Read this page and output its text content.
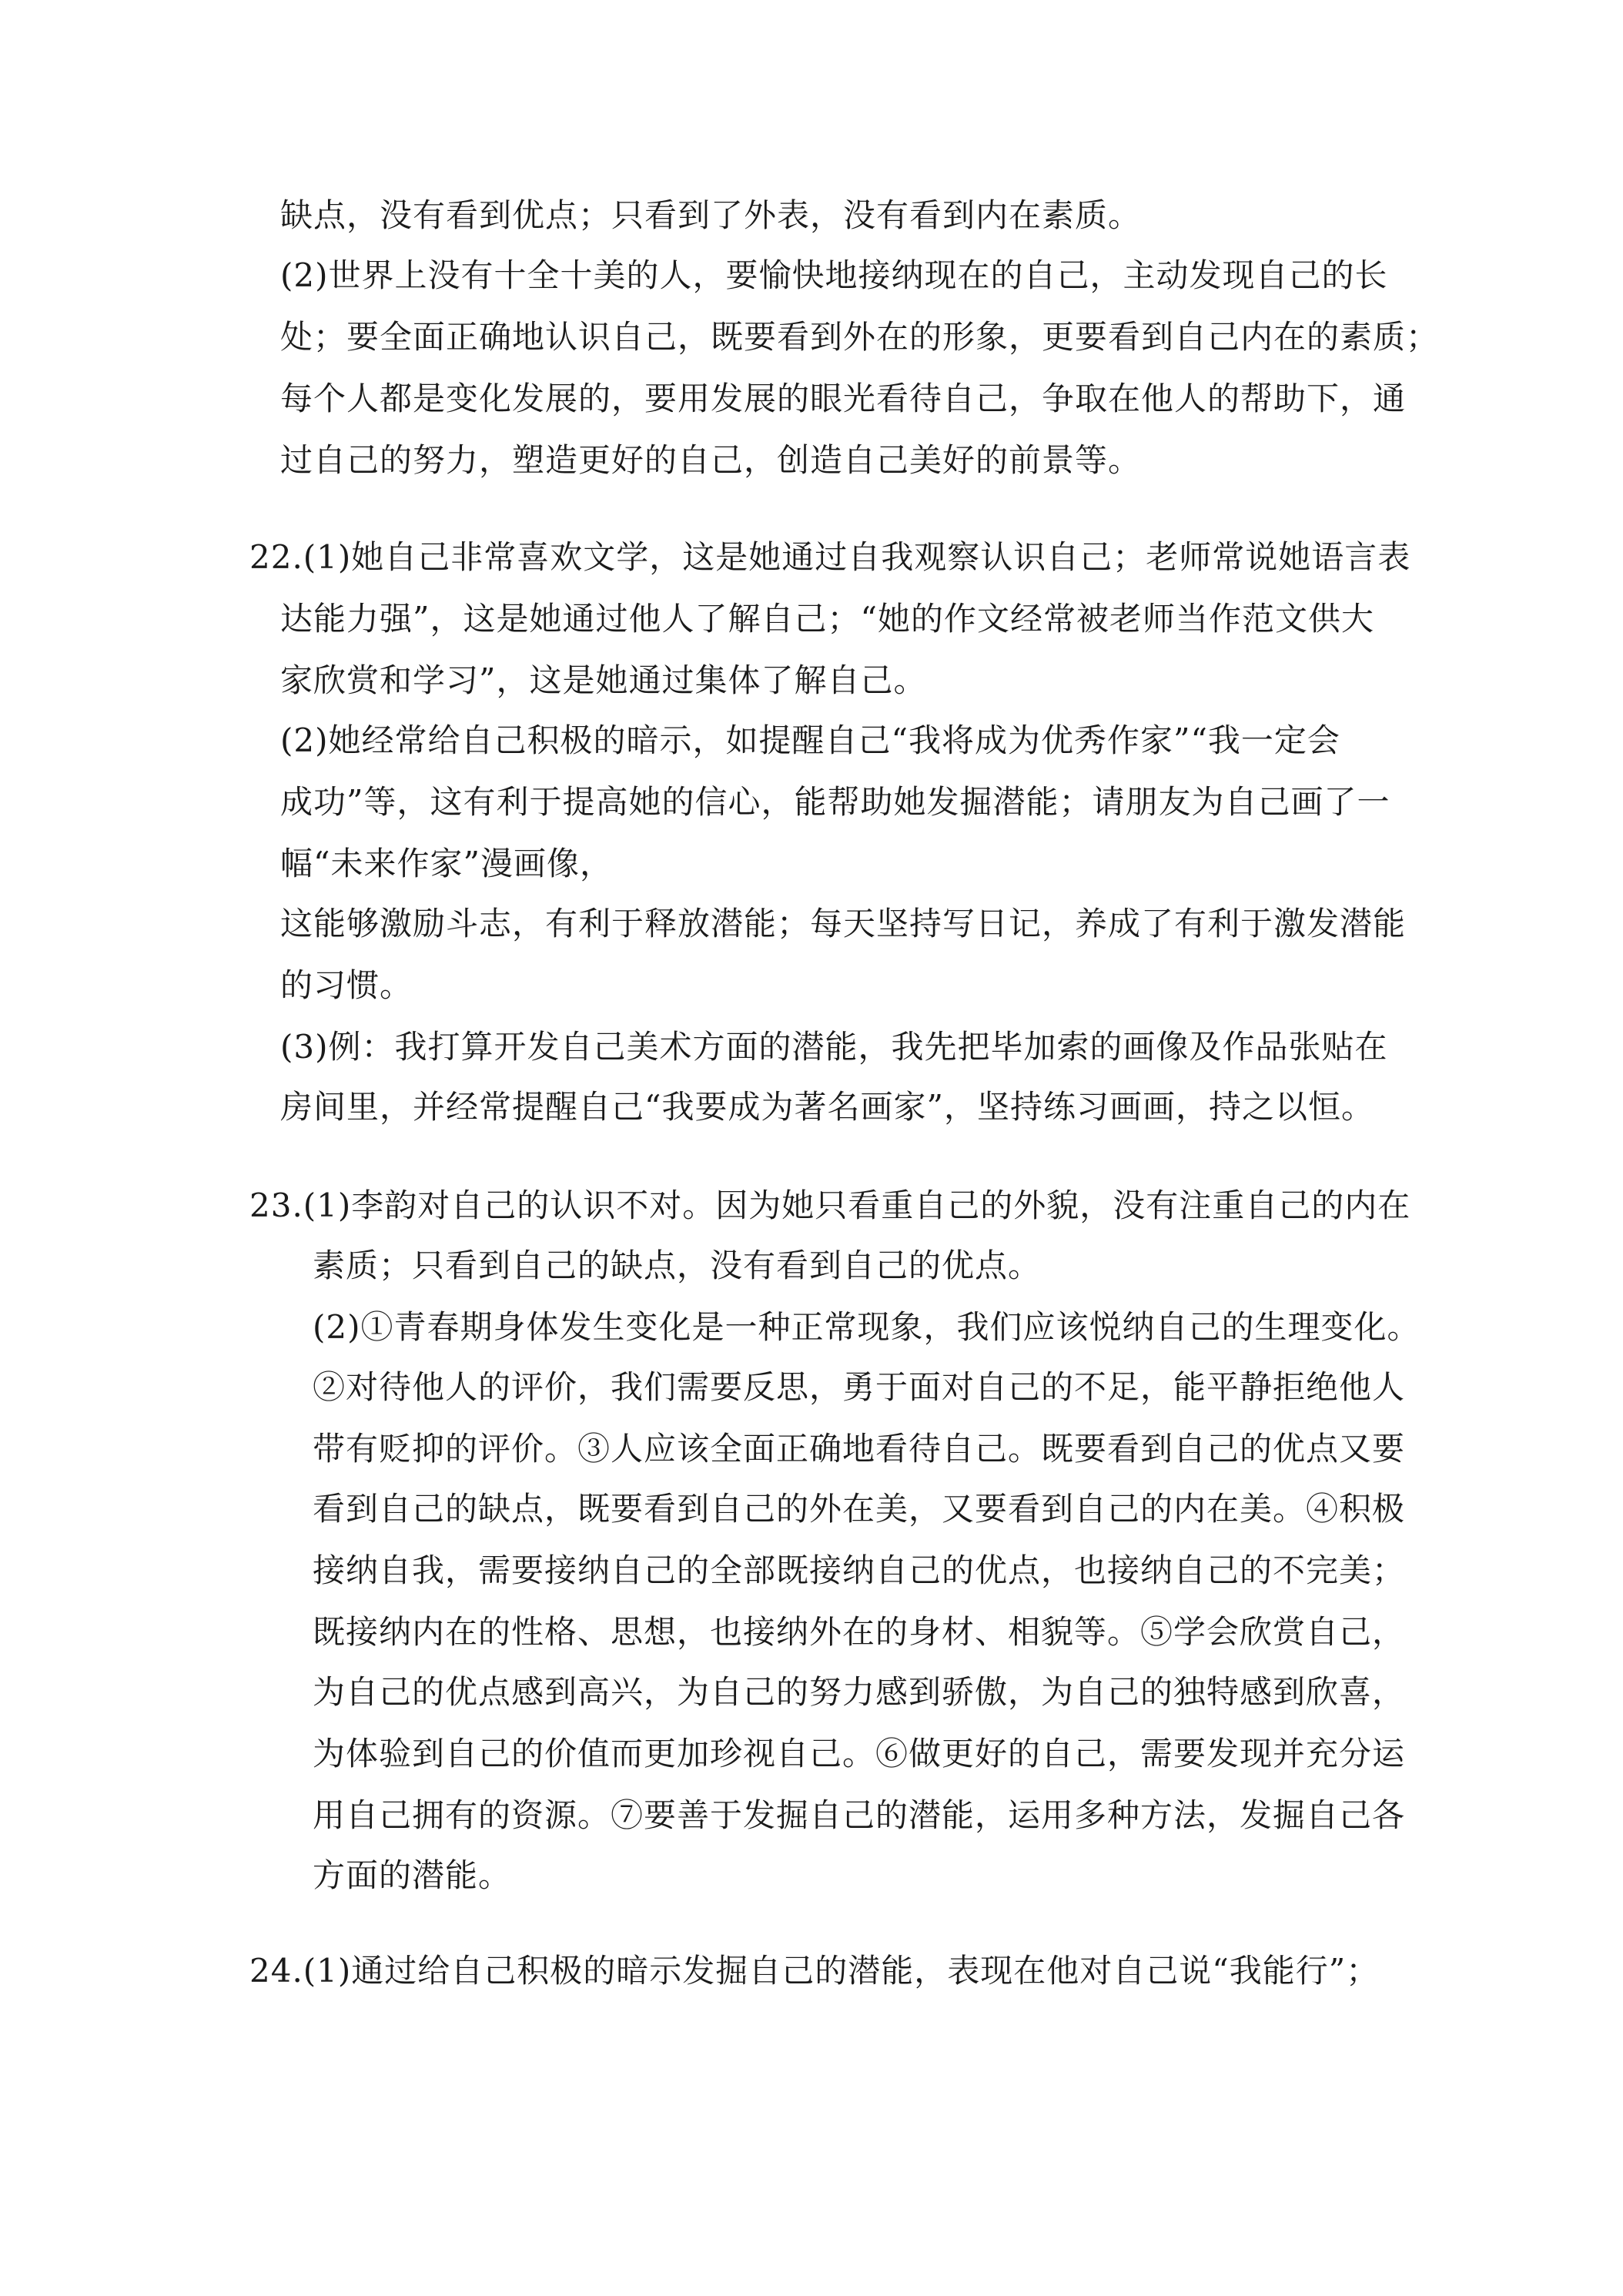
缺点，没有看到优点；只看到了外表，没有看到内在素质。
(2)世界上没有十全十美的人，要愉快地接纳现在的自己，主动发现自己的长
处；要全面正确地认识自己，既要看到外在的形象，更要看到自己内在的素质；
每个人都是变化发展的，要用发展的眼光看待自己，争取在他人的帮助下，通
过自己的努力，塑造更好的自己，创造自己美好的前景等。
22.(1)她自己非常喜欢文学，这是她通过自我观察认识自己；老师常说她语言表
达能力强”，这是她通过他人了解自己；“她的作文经常被老师当作范文供大
家欣赏和学习”，这是她通过集体了解自己。
(2)她经常给自己积极的暗示，如提醒自己“我将成为优秀作家”“我一定会
成功”等，这有利于提高她的信心，能帮助她发掘潜能；请朋友为自己画了一
幅“未来作家”漫画像，
这能够激励斗志，有利于释放潜能；每天坚持写日记，养成了有利于激发潜能
的习惯。
(3)例：我打算开发自己美术方面的潜能，我先把毕加索的画像及作品张贴在
房间里，并经常提醒自己“我要成为著名画家”，坚持练习画画，持之以恒。
23.(1)李韵对自己的认识不对。因为她只看重自己的外貌，没有注重自己的内在
素质；只看到自己的缺点，没有看到自己的优点。
(2)①青春期身体发生变化是一种正常现象，我们应该悦纳自己的生理变化。
②对待他人的评价，我们需要反思，勇于面对自己的不足，能平静拒绝他人
带有贬抑的评价。③人应该全面正确地看待自己。既要看到自己的优点又要
看到自己的缺点，既要看到自己的外在美，又要看到自己的内在美。④积极
接纳自我，需要接纳自己的全部既接纳自己的优点，也接纳自己的不完美；
既接纳内在的性格、思想，也接纳外在的身材、相貌等。⑤学会欣赏自己，
为自己的优点感到高兴，为自己的努力感到骄傲，为自己的独特感到欣喜，
为体验到自己的价值而更加珍视自己。⑥做更好的自己，需要发现并充分运
用自己拥有的资源。⑦要善于发掘自己的潜能，运用多种方法，发掘自己各
方面的潜能。
24.(1)通过给自己积极的暗示发掘自己的潜能，表现在他对自己说“我能行”；
